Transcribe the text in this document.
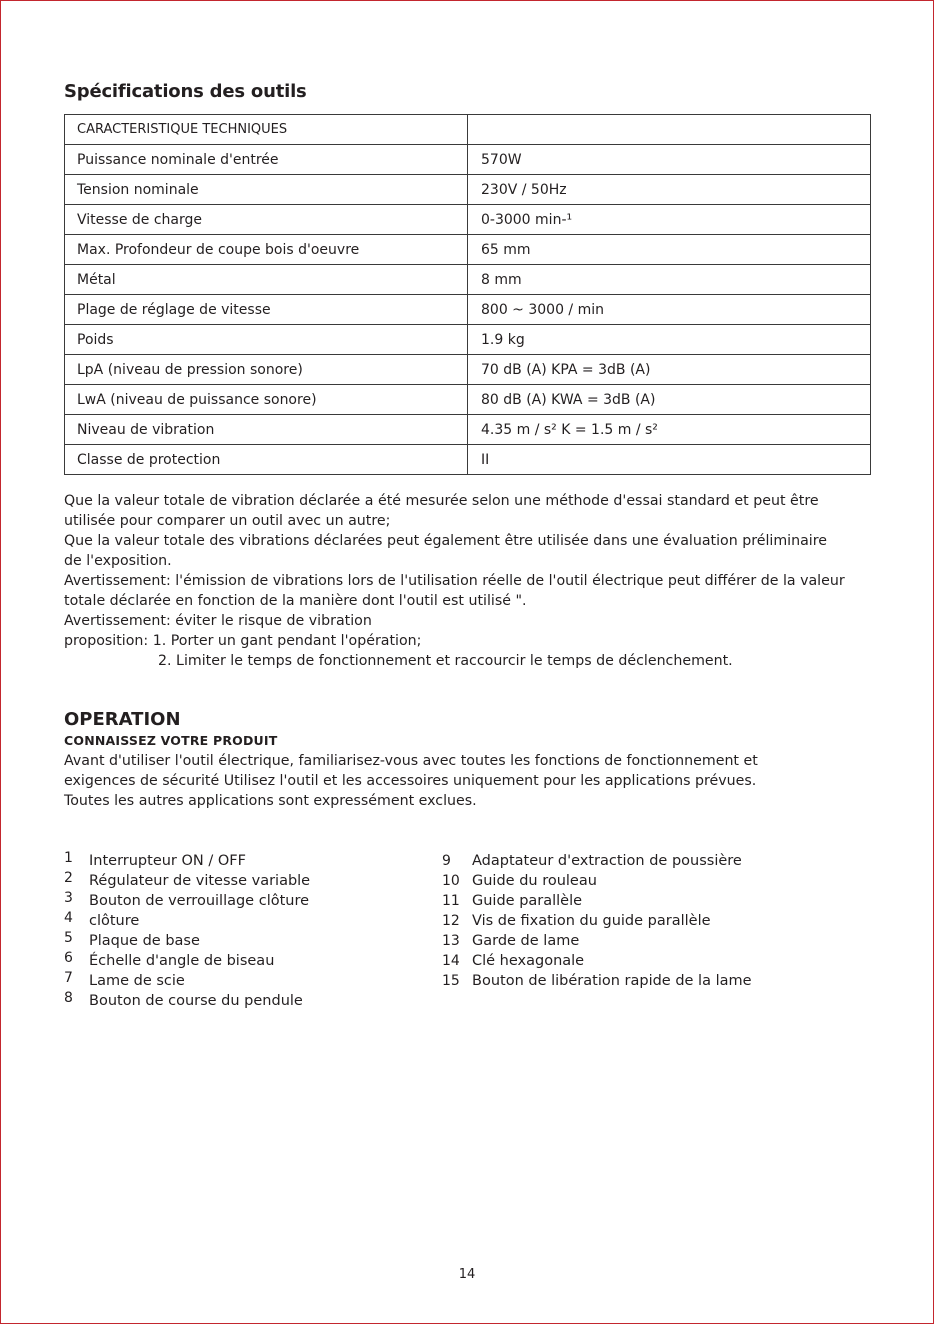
Spécifications des outils
CARACTERISTIQUE TECHNIQUES	
Puissance nominale d'entrée	570W
Tension nominale	230V / 50Hz
Vitesse de charge	0-3000 min-¹
Max. Profondeur de coupe bois d'oeuvre	65 mm
Métal	8 mm
Plage de réglage de vitesse	800 ~ 3000 / min
Poids	1.9 kg
LpA (niveau de pression sonore)	70 dB (A) KPA = 3dB (A)
LwA (niveau de puissance sonore)	80 dB (A) KWA = 3dB (A)
Niveau de vibration	4.35 m / s² K = 1.5 m / s²
Classe de protection	II
Que la valeur totale de vibration déclarée a été mesurée selon une méthode d'essai standard et peut être
utilisée pour comparer un outil avec un autre;
Que la valeur totale des vibrations déclarées peut également être utilisée dans une évaluation préliminaire
de l'exposition.
Avertissement: l'émission de vibrations lors de l'utilisation réelle de l'outil électrique peut différer de la valeur
totale déclarée en fonction de la manière dont l'outil est utilisé ".
Avertissement: éviter le risque de vibration
proposition: 1. Porter un gant pendant l'opération;
2. Limiter le temps de fonctionnement et raccourcir le temps de déclenchement.
OPERATION
CONNAISSEZ VOTRE PRODUIT
Avant d'utiliser l'outil électrique, familiarisez-vous avec toutes les fonctions de fonctionnement et
exigences de sécurité Utilisez l'outil et les accessoires uniquement pour les applications prévues.
Toutes les autres applications sont expressément exclues.
1 Interrupteur ON / OFF
2 Régulateur de vitesse variable
3 Bouton de verrouillage clôture
4 clôture
5 Plaque de base
6 Échelle d'angle de biseau
7 Lame de scie
8 Bouton de course du pendule
9 Adaptateur d'extraction de poussière
10 Guide du rouleau
11 Guide parallèle
12 Vis de fixation du guide parallèle
13 Garde de lame
14 Clé hexagonale
15 Bouton de libération rapide de la lame
14
